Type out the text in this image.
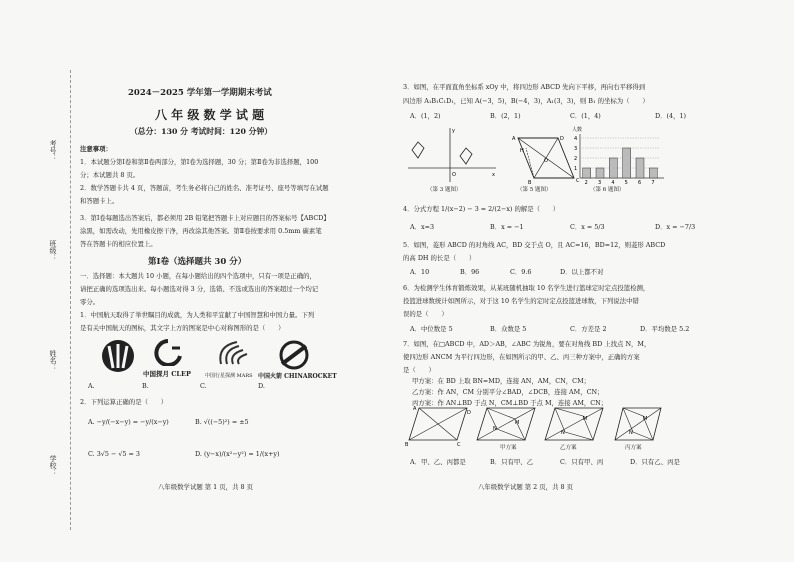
考号：
班级：
姓名：
学校：
2024－2025 学年第一学期期末考试
八 年 级 数 学 试 题
（总分：130 分 考试时间：120 分钟）
注意事项：
1．本试题分第Ⅰ卷和第Ⅱ卷两部分，第Ⅰ卷为选择题，30 分；第Ⅱ卷为非选择题，100
分；本试题共 8 页。
2．数学答题卡共 4 页，答题前，考生务必将自己的姓名、准考证号、座号等填写在试题
和答题卡上。
3．第Ⅰ卷每题选出答案后，都必须用 2B 铅笔把答题卡上对应题目的答案标号【ABCD】
涂黑，如需改动，先用橡皮擦干净，再改涂其他答案。第Ⅱ卷按要求用 0.5mm 碳素笔
答在答题卡的相应位置上。
第Ⅰ卷（选择题共 30 分）
一．选择题：本大题共 10 小题，在每小题给出的四个选项中，只有一项是正确的，
请把正确的选项选出来。每小题选对得 3 分，选错、不选或选出的答案超过一个均记
零分。
1．中国航天取得了举世瞩目的成就，为人类和平宜献了中国智慧和中国力量。下列
是有关中国航天的图标，其文字上方的图案是中心对称图形的是（　　）
中国探月 CLEP	中国行星探测 MARS 中国火箭 CHINAROCKET
A.	B.	C.	D.
2．下列运算正确的是（　　）
A. −y/(−x−y) = −y/(x−y)	B. √((−5)²) = ±5
C. 3√5 − √5 = 3	D. (y−x)/(x²−y²) = 1/(x+y)
八年级数学试题 第 1 页，共 8 页
3．如图，在平面直角坐标系 xOy 中，将四边形 ABCD 先向下平移，再向右平移得到
四边形 A₁B₁C₁D₁，已知 A(−3，5)，B(−4，3)，A₁(3，3)，则 B₁ 的坐标为（　　）
A．(1，2)	B．(2，1)	C．(1，4)	D．(4，1)
O	x
y
A	D
C
B
O
H
人数
1
2
3
4
2 3 4 5 6 7
（第 3 题图）	（第 5 题图）	（第 6 题图）
4．分式方程 1/(x−2) − 3 = 2/(2−x) 的解是（　　）
A．x=3	B．x = −1	C．x = 5/3	D．x = −7/3
5．如图，菱形 ABCD 的对角线 AC，BD 交于点 O，且 AC=16，BD=12，则菱形 ABCD
的高 DH 的长是（　　）
A．10	B．96	C．9.6	D．以上都不对
6．为检测学生体育锻炼效果，从某班随机抽取 10 名学生进行篮球定时定点投篮检测，
投篮进球数统计如图所示，对于这 10 名学生的定时定点投篮进球数，下列说法中错
误的是（　　）
A．中位数是 5	B．众数是 5	C．方差是 2	D．平均数是 5.2
7．如图，在□ABCD 中，AD＞AB，∠ABC 为锐角，要在对角线 BD 上找点 N，M，
使四边形 ANCM 为平行四边形，在如图所示的甲、乙、丙三种方案中，正确的方案
是（　　）
甲方案：在 BD 上取 BN=MD，连接 AN，AM，CN，CM；
乙方案：作 AN，CM 分别平分∠BAD，∠DCB，连接 AM，CN；
丙方案：作 AN⊥BD 于点 N，CM⊥BD 于点 M，连接 AM，CN；
A
D
B	C
N
M
N
M
N
M
甲方案	乙方案	丙方案
A．甲、乙、丙都是	B．只有甲、乙	C．只有甲、丙	D．只有乙、丙是
八年级数学试题 第 2 页，共 8 页
